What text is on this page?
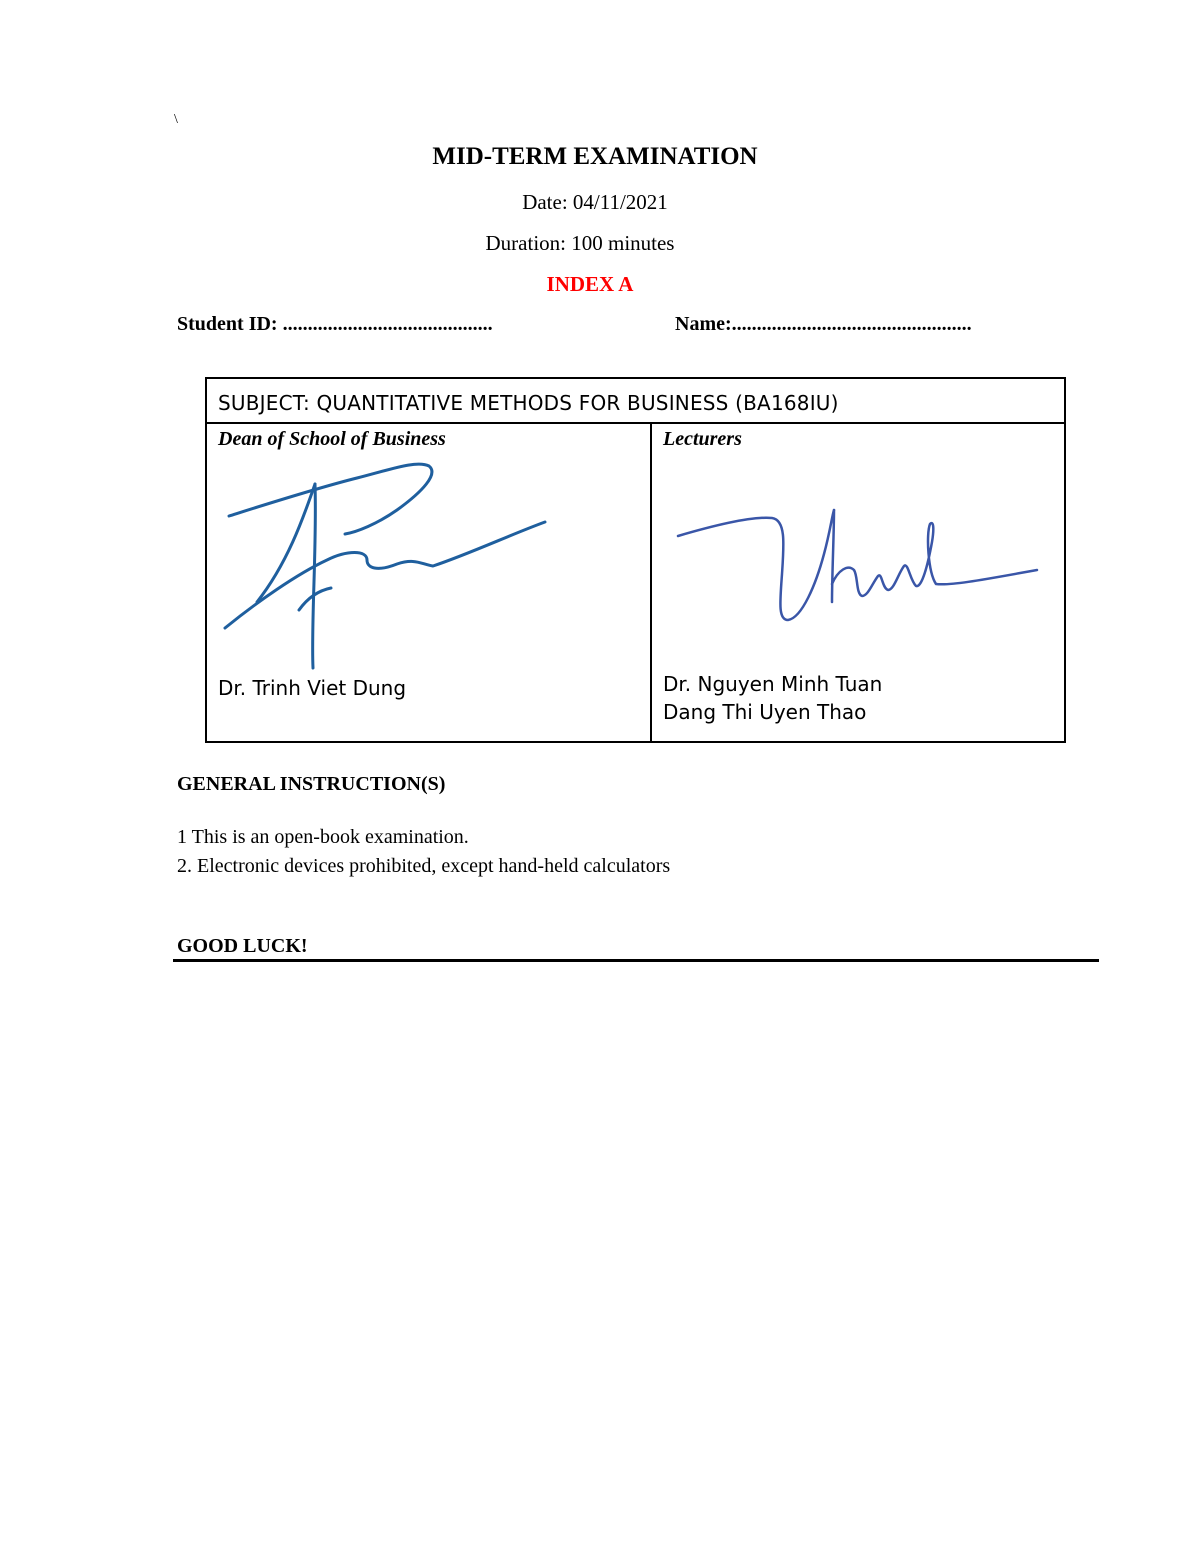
\
MID-TERM EXAMINATION
Date: 04/11/2021
Duration: 100 minutes
INDEX A
Student ID: ..........................................	Name:................................................
SUBJECT: QUANTITATIVE METHODS FOR BUSINESS (BA168IU)

Dean of School of Business
Dr. Trinh Viet Dung

Lecturers
Dr. Nguyen Minh Tuan
Dang Thi Uyen Thao
GENERAL INSTRUCTION(S)
1 This is an open-book examination.
2. Electronic devices prohibited, except hand-held calculators
GOOD LUCK!
